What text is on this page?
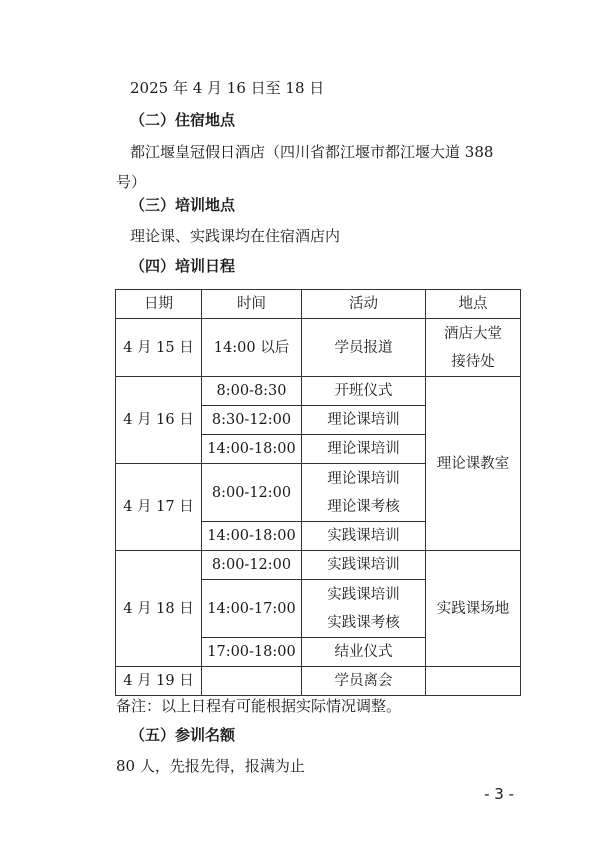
2025 年 4 月 16 日至 18 日
（二）住宿地点
都江堰皇冠假日酒店（四川省都江堰市都江堰大道 388
号）
（三）培训地点
理论课、实践课均在住宿酒店内
（四）培训日程
日期	时间	活动	地点
4 月 15 日	14:00 以后	学员报道	酒店大堂
接待处

4 月 16 日	8:00-8:30	开班仪式	理论课教室
	8:30-12:00	理论课培训	
	14:00-18:00	理论课培训	
4 月 17 日	8:00-12:00	理论课培训
理论课考核	

	14:00-18:00	实践课培训	
4 月 18 日	8:00-12:00	实践课培训	实践课场地
	14:00-17:00	实践课培训
实践课考核	

	17:00-18:00	结业仪式	
4 月 19 日		学员离会	
备注：以上日程有可能根据实际情况调整。
（五）参训名额
80 人，先报先得，报满为止
- 3 -
